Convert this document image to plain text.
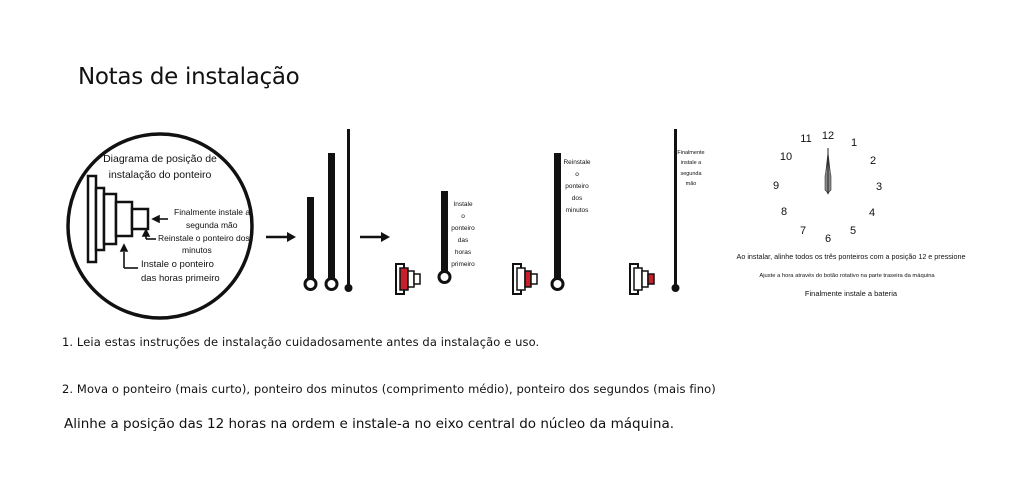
Notas de instalação
Diagrama de posição de
instalação do ponteiro
Finalmente instale a
segunda mão
Reinstale o ponteiro dos
minutos
Instale o ponteiro
das horas primeiro
Instale
o
ponteiro
das
horas
primeiro
Reinstale
o
ponteiro
dos
minutos
Finalmente
instale a
segunda
mão
12
1
2
3
4
5
6
7
8
9
10
11
Ao instalar, alinhe todos os três ponteiros com a posição 12 e pressione
Ajuste a hora através do botão rotativo na parte traseira da máquina
Finalmente instale a bateria
1. Leia estas instruções de instalação cuidadosamente antes da instalação e uso.
2. Mova o ponteiro (mais curto), ponteiro dos minutos (comprimento médio), ponteiro dos segundos (mais fino)
Alinhe a posição das 12 horas na ordem e instale-a no eixo central do núcleo da máquina.
